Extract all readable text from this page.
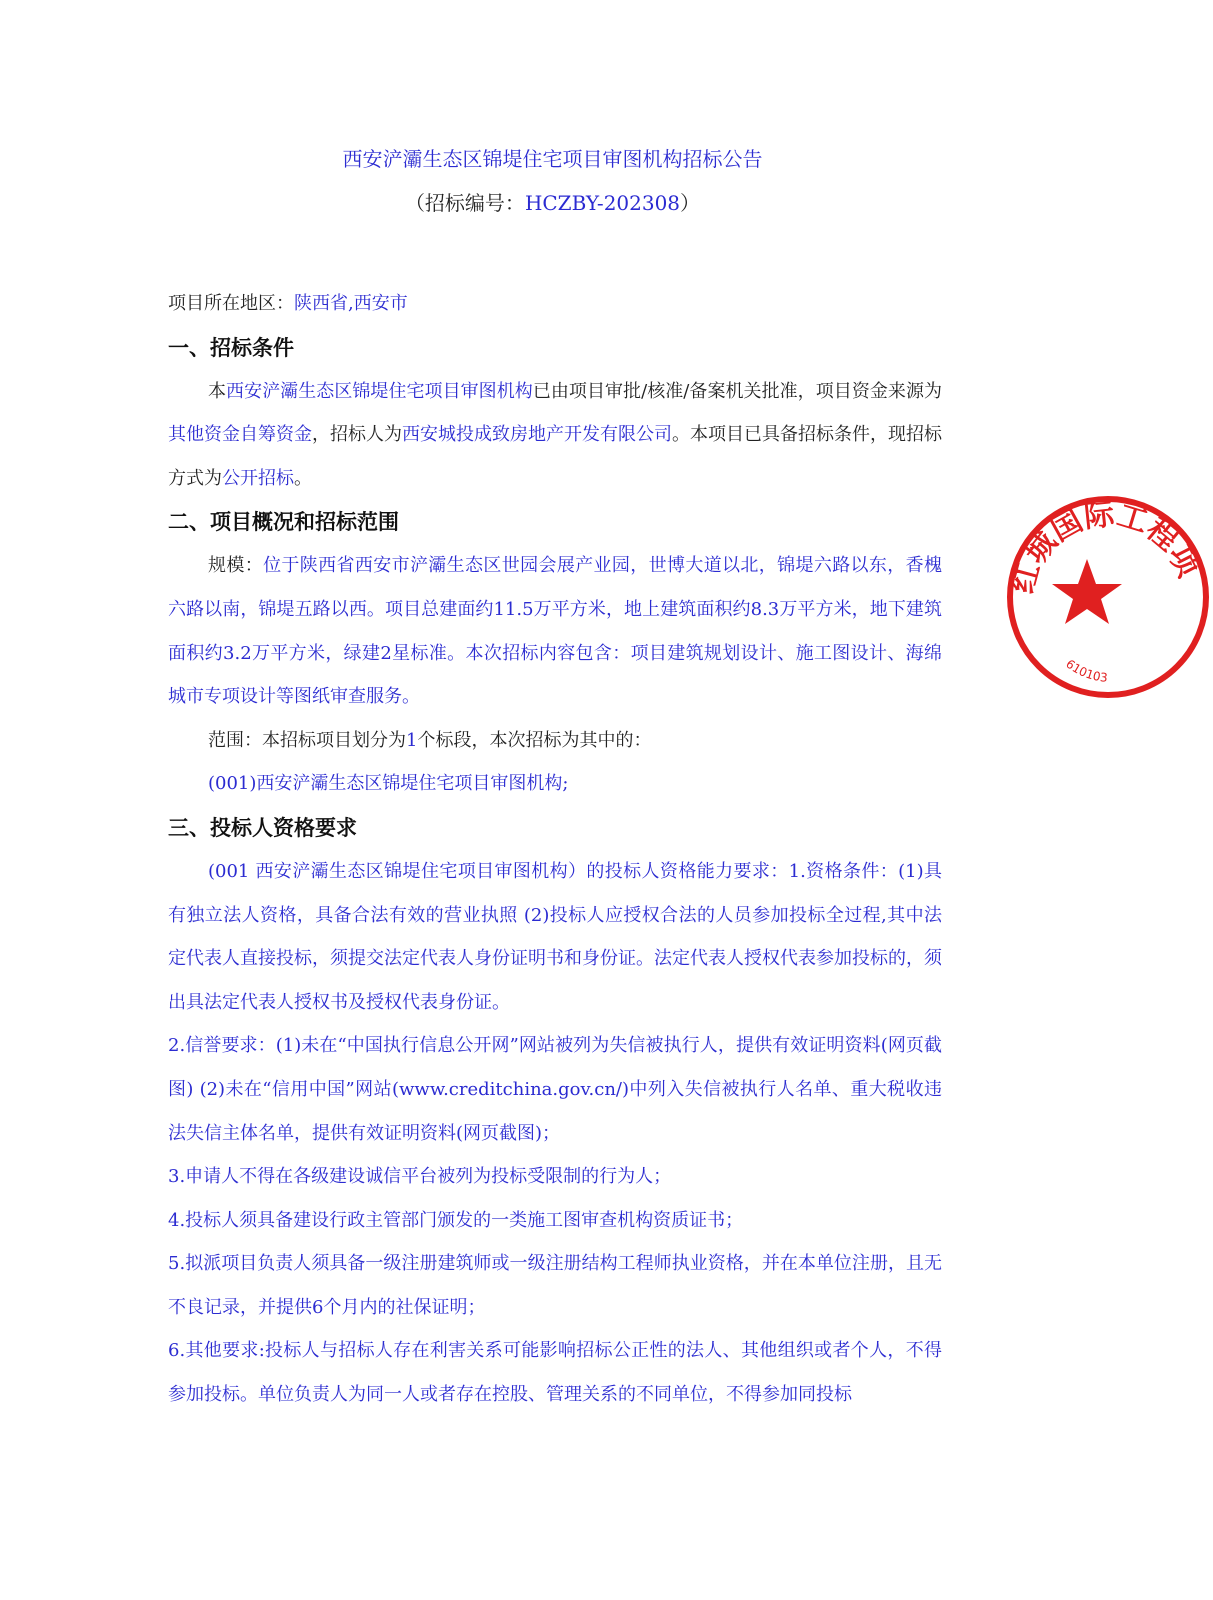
西安浐灞生态区锦堤住宅项目审图机构招标公告
（招标编号：HCZBY-202308）

项目所在地区：陕西省,西安市

一、招标条件

本西安浐灞生态区锦堤住宅项目审图机构已由项目审批/核准/备案机关批准，项目资金来源为其他资金自筹资金，招标人为西安城投成致房地产开发有限公司。本项目已具备招标条件，现招标方式为公开招标。

二、项目概况和招标范围

规模：位于陕西省西安市浐灞生态区世园会展产业园，世博大道以北，锦堤六路以东，香槐六路以南，锦堤五路以西。项目总建面约11.5万平方米，地上建筑面积约8.3万平方米，地下建筑面积约3.2万平方米，绿建2星标准。本次招标内容包含：项目建筑规划设计、施工图设计、海绵城市专项设计等图纸审查服务。

范围：本招标项目划分为1个标段，本次招标为其中的：

(001)西安浐灞生态区锦堤住宅项目审图机构;

三、投标人资格要求

(001 西安浐灞生态区锦堤住宅项目审图机构）的投标人资格能力要求：1.资格条件：(1)具有独立法人资格，具备合法有效的营业执照 (2)投标人应授权合法的人员参加投标全过程,其中法定代表人直接投标，须提交法定代表人身份证明书和身份证。法定代表人授权代表参加投标的，须出具法定代表人授权书及授权代表身份证。

2.信誉要求：(1)未在“中国执行信息公开网”网站被列为失信被执行人，提供有效证明资料(网页截图) (2)未在“信用中国”网站(www.creditchina.gov.cn/)中列入失信被执行人名单、重大税收违法失信主体名单，提供有效证明资料(网页截图)；

3.申请人不得在各级建设诚信平台被列为投标受限制的行为人；

4.投标人须具备建设行政主管部门颁发的一类施工图审查机构资质证书；

5.拟派项目负责人须具备一级注册建筑师或一级注册结构工程师执业资格，并在本单位注册，且无不良记录，并提供6个月内的社保证明；

6.其他要求:投标人与招标人存在利害关系可能影响招标公正性的法人、其他组织或者个人，不得参加投标。单位负责人为同一人或者存在控股、管理关系的不同单位，不得参加同投标

红城国际工程项
610103
